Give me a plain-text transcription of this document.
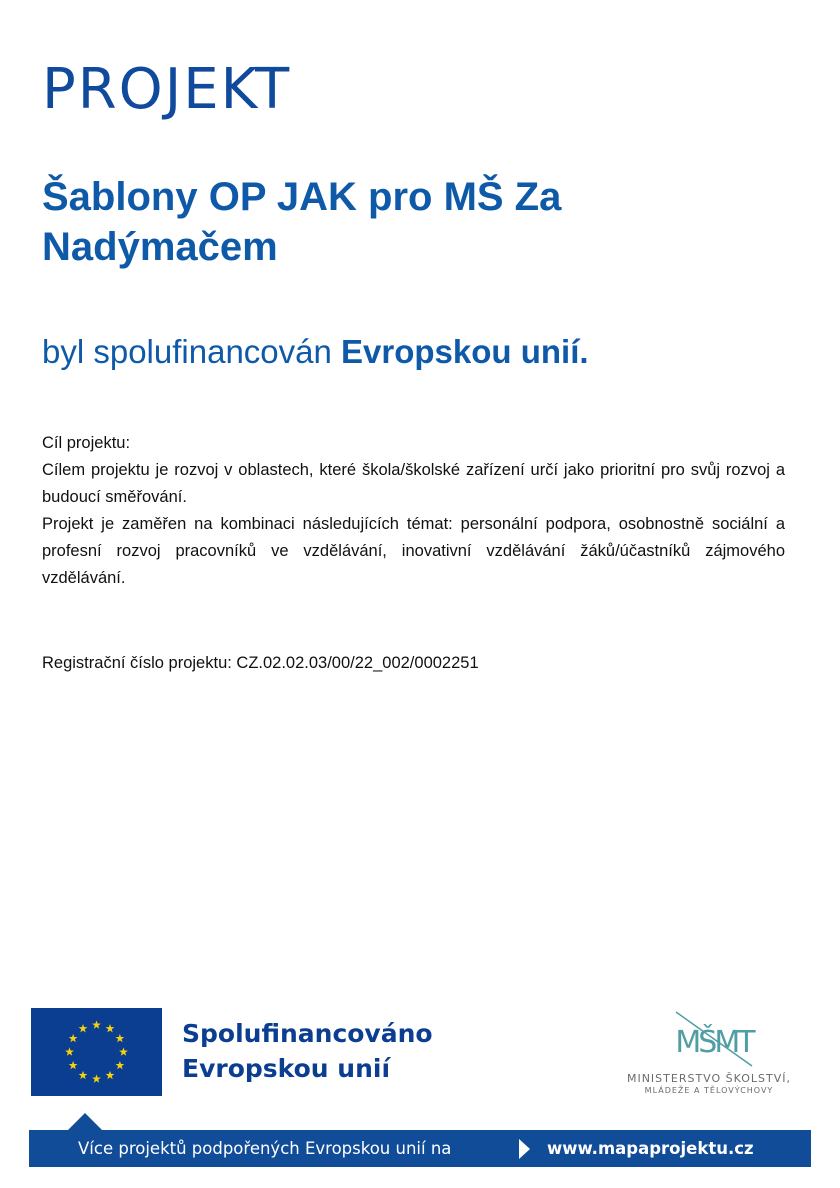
PROJEKT
Šablony OP JAK pro MŠ Za Nadýmačem
byl spolufinancován Evropskou unií.

Cíl projektu:

Cílem projektu je rozvoj v oblastech, které škola/školské zařízení určí jako prioritní pro svůj rozvoj a budoucí směřování.

Projekt je zaměřen na kombinaci následujících témat: personální podpora, osobnostně sociální a profesní rozvoj pracovníků ve vzdělávání, inovativní vzdělávání žáků/účastníků zájmového vzdělávání.

Registrační číslo projektu: CZ.02.02.03/00/22_002/0002251
Spolufinancováno
Evropskou unií
MŠMT
MINISTERSTVO ŠKOLSTVÍ,
MLÁDEŽE A TĚLOVÝCHOVY
Více projektů podpořených Evropskou unií na	www.mapaprojektu.cz
